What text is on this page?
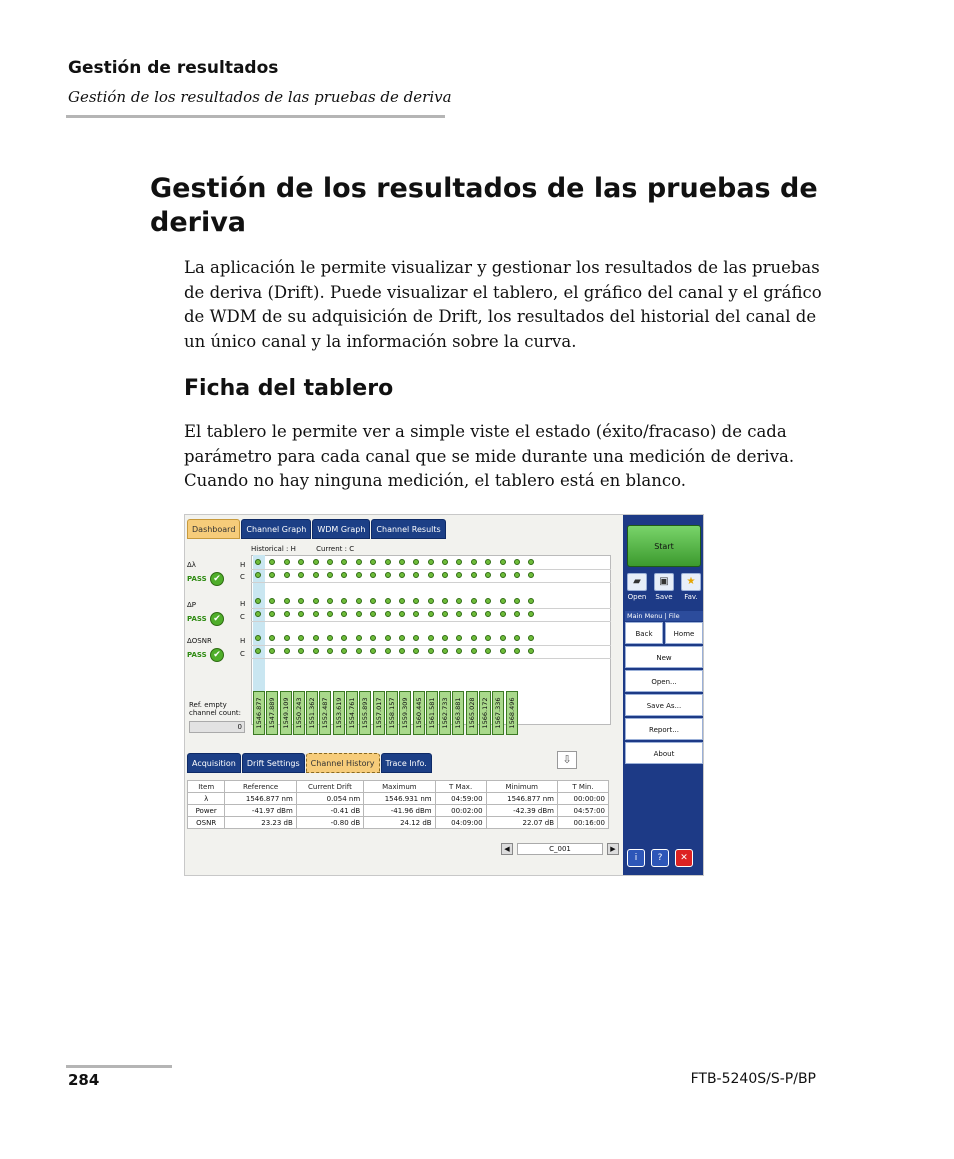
Gestión de resultados
Gestión de los resultados de las pruebas de deriva
Gestión de los resultados de las pruebas de deriva

La aplicación le permite visualizar y gestionar los resultados de las pruebas de deriva (Drift). Puede visualizar el tablero, el gráfico del canal y el gráfico de WDM de su adquisición de Drift, los resultados del historial del canal de un único canal y la información sobre la curva.

Ficha del tablero

El tablero le permite ver a simple viste el estado (éxito/fracaso) de cada parámetro para cada canal que se mide durante una medición de deriva. Cuando no hay ninguna medición, el tablero está en blanco.

Dashboard	Channel Graph	WDM Graph	Channel Results
Historical : H	Current : C
Δλ
PASS ✔
ΔP
PASS ✔
ΔOSNR
PASS ✔
H
C
H
C
H
C
Ref. empty
channel count:
0	1546.877 1547.889 1549.109 1550.243 1551.362 1552.487 1553.619 1554.761 1555.893 1557.017 1558.157 1559.309 1560.445 1561.581 1562.733 1563.881 1565.028 1566.172 1567.336 1568.496
Acquisition	Drift Settings	Channel History	Trace Info.	⇩
Item	Reference	Current Drift	Maximum	T Max.	Minimum	T Min.
λ	1546.877 nm	0.054 nm	1546.931 nm	04:59:00	1546.877 nm	00:00:00
Power	-41.97 dBm	-0.41 dB	-41.96 dBm	00:02:00	-42.39 dBm	04:57:00
OSNR	23.23 dB	-0.80 dB	24.12 dB	04:09:00	22.07 dB	00:16:00
◀	C_001	▶
Start
▰
Open
▣
Save
★
Fav.
Main Menu | File
Back	Home
New
Open...
Save As...
Report...
About
i	?	✕
284	FTB-5240S/S-P/BP
